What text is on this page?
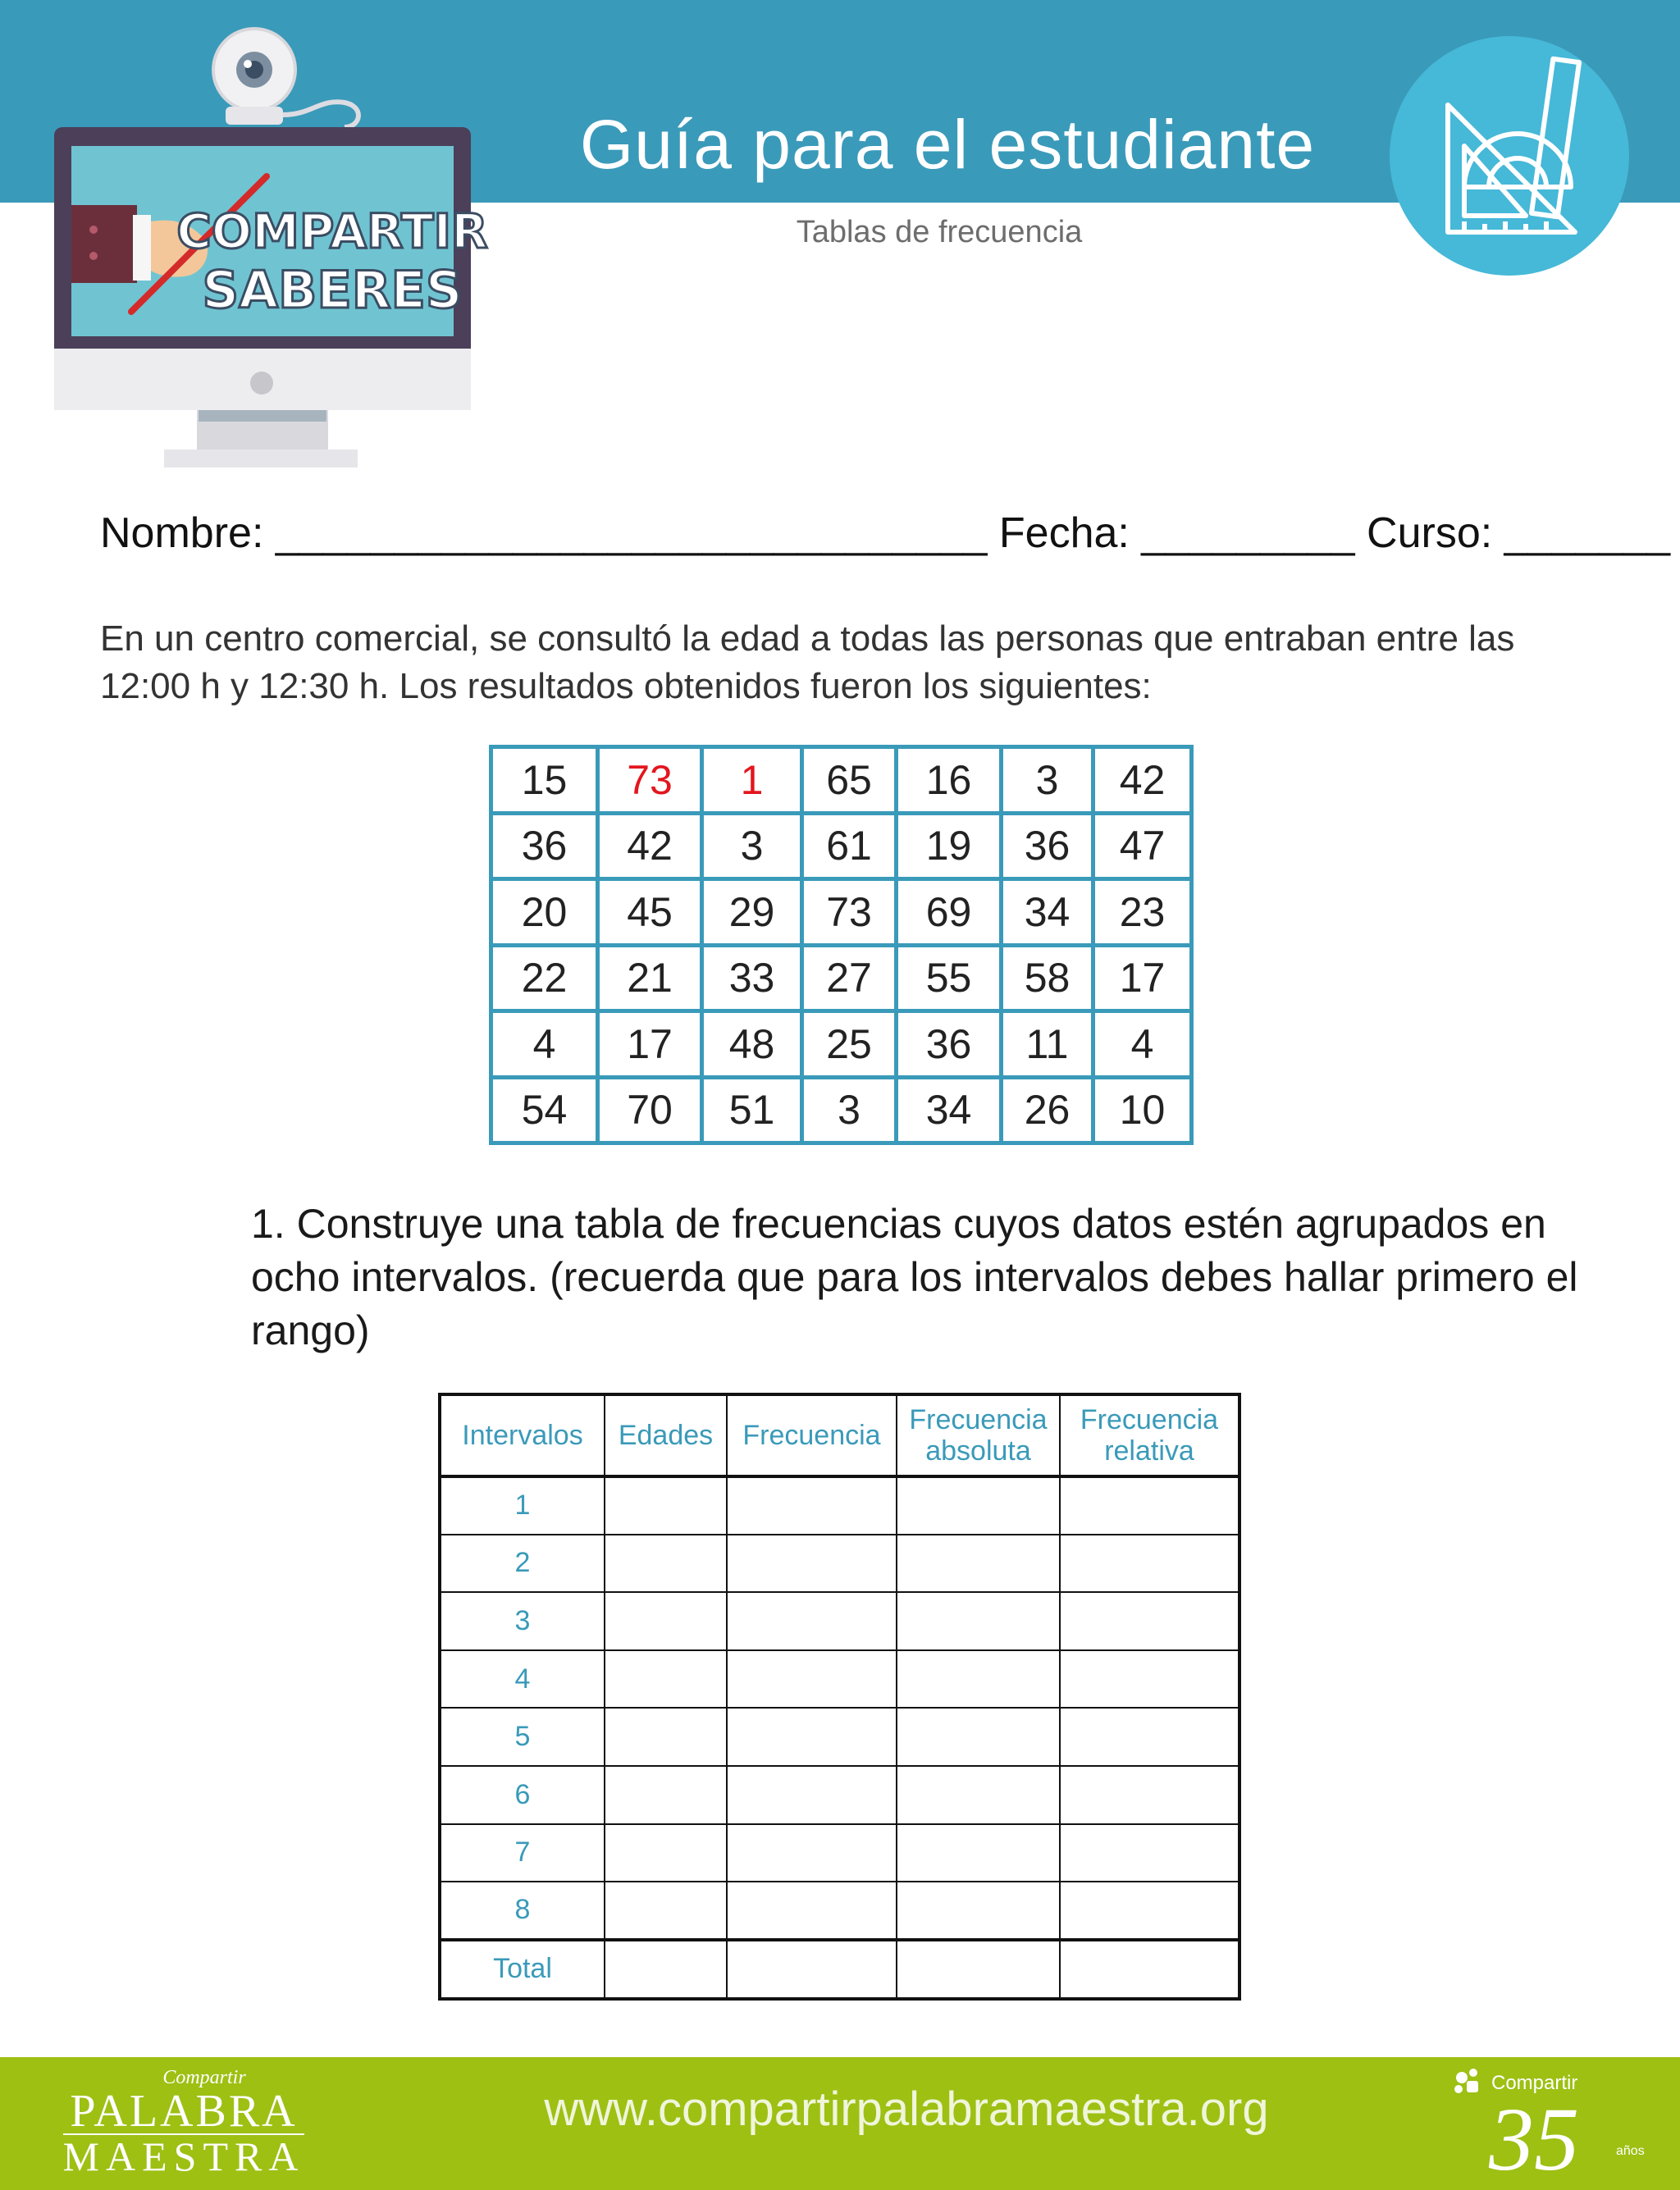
Guía para el estudiante
Tablas de frecuencia
COMPARTIR
SABERES
Nombre: ______________________________ Fecha: _________ Curso: _______
En un centro comercial, se consultó la edad a todas las personas que entraban entre las 12:00 h y 12:30 h. Los resultados obtenidos fueron los siguientes:
15	73	1	65	16	3	42
36	42	3	61	19	36	47
20	45	29	73	69	34	23
22	21	33	27	55	58	17
4	17	48	25	36	11	4
54	70	51	3	34	26	10
1. Construye una tabla de frecuencias cuyos datos estén agrupados en ocho intervalos. (recuerda que para los intervalos debes hallar primero el rango)
Intervalos	Edades	Frecuencia	Frecuencia absoluta	Frecuencia relativa
1				
2				
3				
4				
5				
6				
7				
8				
Total				
Compartir
PALABRA
MAESTRA
www.compartirpalabramaestra.org	Compartir
35	años
